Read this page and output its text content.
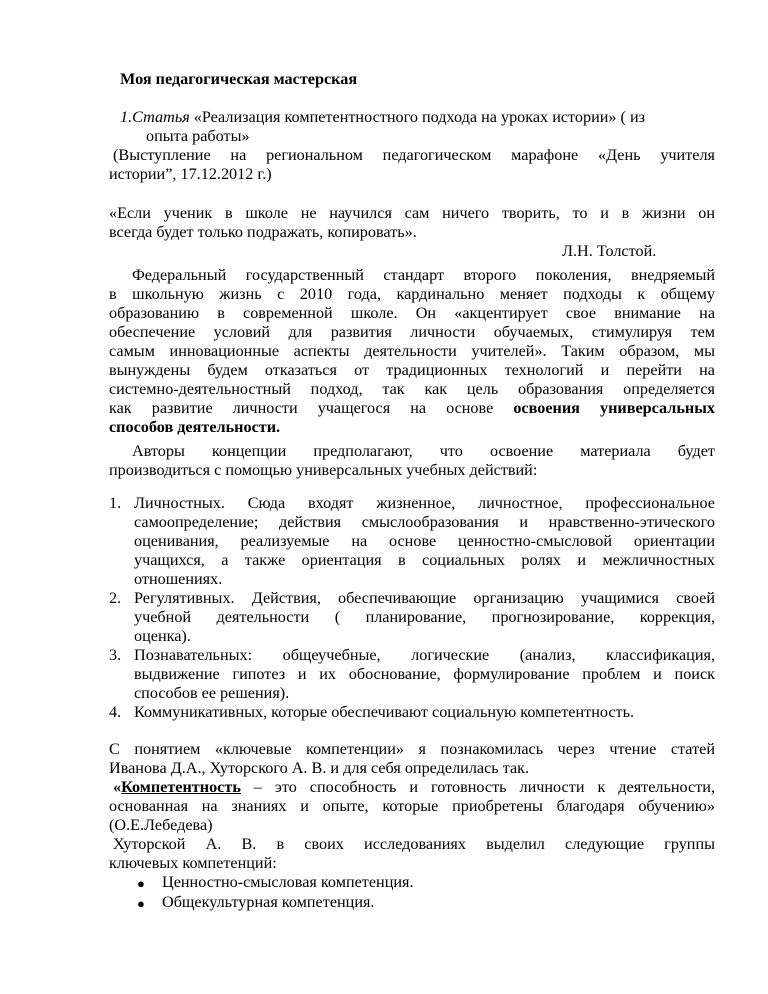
Моя педагогическая мастерская
1.Статья «Реализация компетентностного подхода на уроках истории» ( из
опыта работы»
(Выступление на региональном педагогическом марафоне «День учителя
истории”, 17.12.2012 г.)
«Если ученик в школе не научился сам ничего творить, то и в жизни он
всегда будет только подражать, копировать».
Л.Н. Толстой.
Федеральный государственный стандарт второго поколения, внедряемый
в школьную жизнь с 2010 года, кардинально меняет подходы к общему
образованию в современной школе. Он «акцентирует свое внимание на
обеспечение условий для развития личности обучаемых, стимулируя тем
самым инновационные аспекты деятельности учителей». Таким образом, мы
вынуждены будем отказаться от традиционных технологий и перейти на
системно-деятельностный подход, так как цель образования определяется
как развитие личности учащегося на основе освоения универсальных
способов деятельности.
Авторы концепции предполагают, что освоение материала будет
производиться с помощью универсальных учебных действий:
1. Личностных. Сюда входят жизненное, личностное, профессиональное
самоопределение; действия смыслообразования и нравственно-этического
оценивания, реализуемые на основе ценностно-смысловой ориентации
учащихся, а также ориентация в социальных ролях и межличностных
отношениях.
2. Регулятивных. Действия, обеспечивающие организацию учащимися своей
учебной деятельности ( планирование, прогнозирование, коррекция,
оценка).
3. Познавательных: общеучебные, логические (анализ, классификация,
выдвижение гипотез и их обоснование, формулирование проблем и поиск
способов ее решения).
4. Коммуникативных, которые обеспечивают социальную компетентность.
С понятием «ключевые компетенции» я познакомилась через чтение статей
Иванова Д.А., Хуторского А. В. и для себя определилась так.
«Компетентность – это способность и готовность личности к деятельности,
основанная на знаниях и опыте, которые приобретены благодаря обучению»
(О.Е.Лебедева)
Хуторской А. В. в своих исследованиях выделил следующие группы
ключевых компетенций:
● Ценностно-смысловая компетенция.
● Общекультурная компетенция.
